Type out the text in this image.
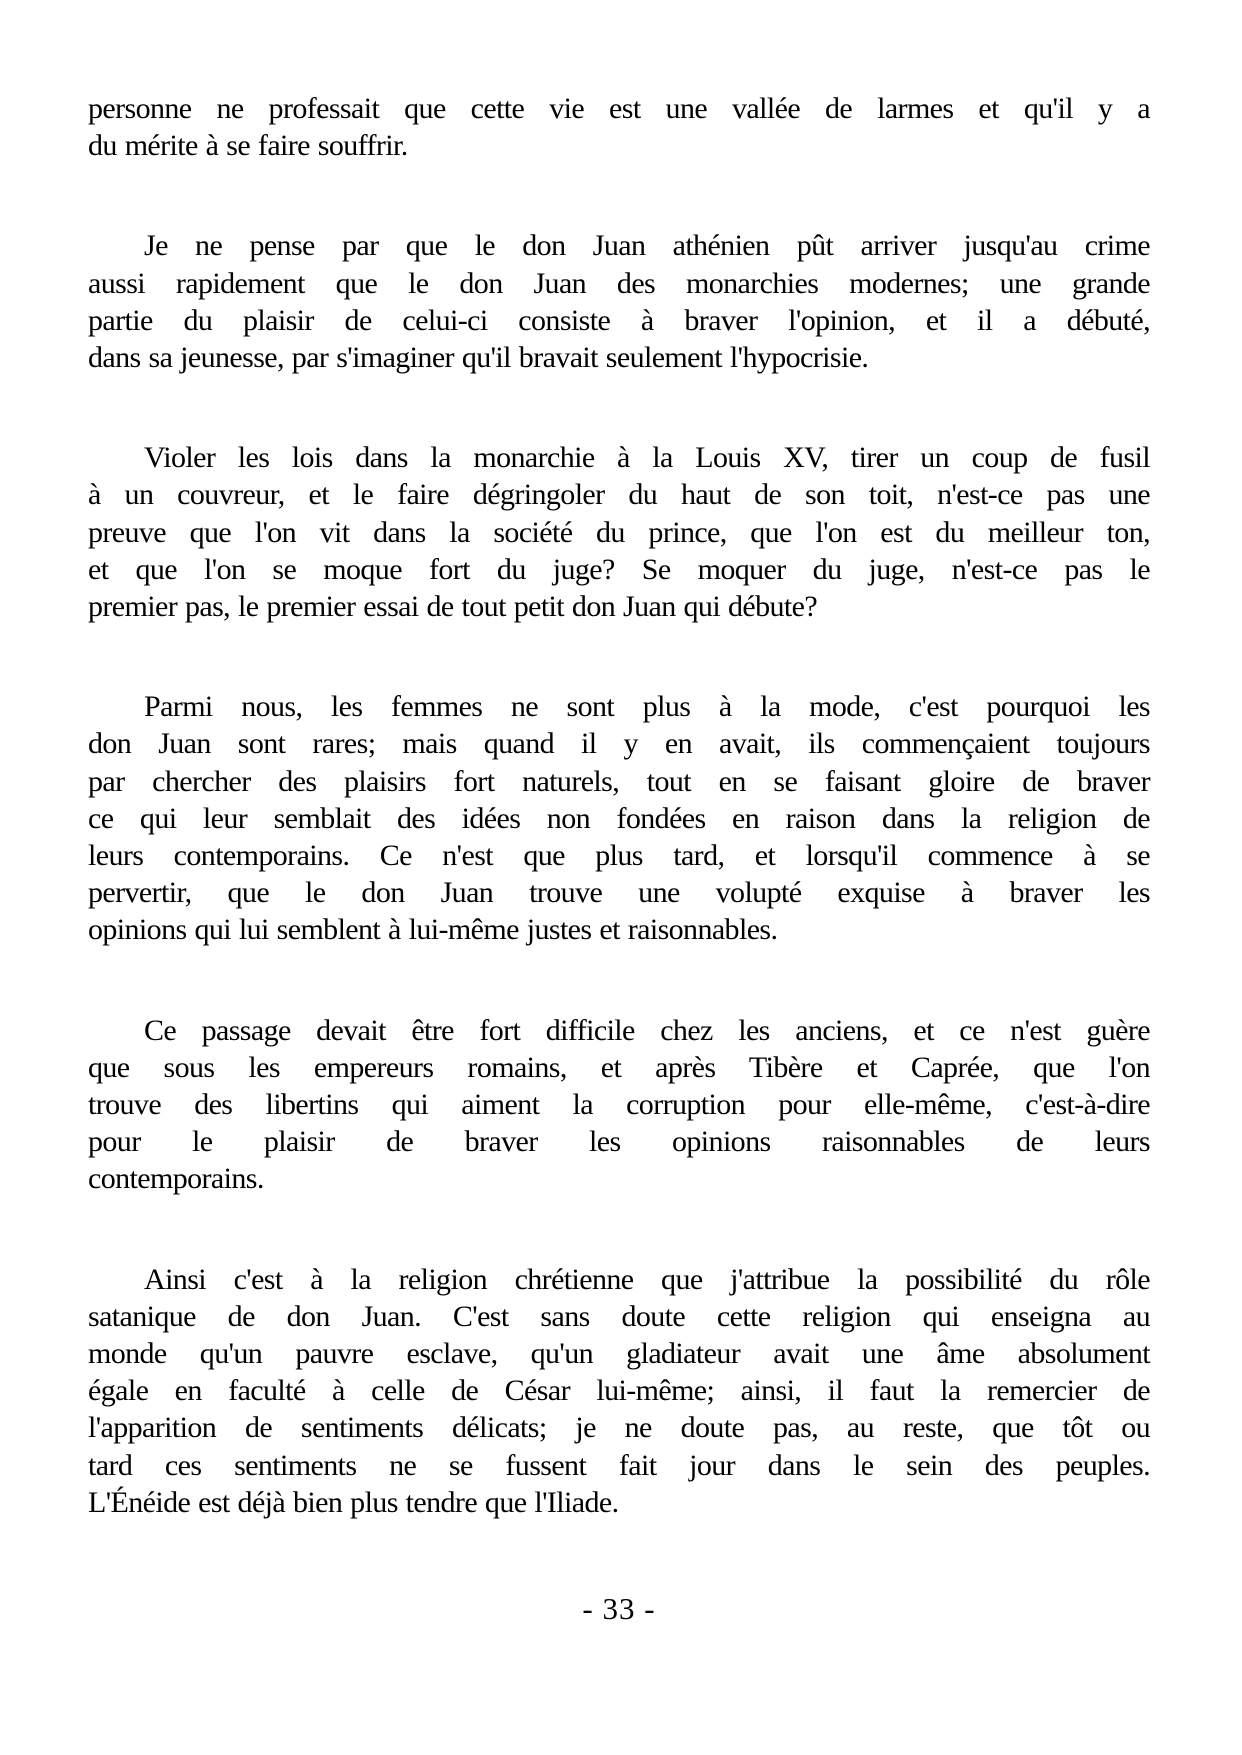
personne ne professait que cette vie est une vallée de larmes et qu'il y a
du mérite à se faire souffrir.
Je ne pense par que le don Juan athénien pût arriver jusqu'au crime
aussi rapidement que le don Juan des monarchies modernes; une grande
partie du plaisir de celui-ci consiste à braver l'opinion, et il a débuté,
dans sa jeunesse, par s'imaginer qu'il bravait seulement l'hypocrisie.
Violer les lois dans la monarchie à la Louis XV, tirer un coup de fusil
à un couvreur, et le faire dégringoler du haut de son toit, n'est-ce pas une
preuve que l'on vit dans la société du prince, que l'on est du meilleur ton,
et que l'on se moque fort du juge? Se moquer du juge, n'est-ce pas le
premier pas, le premier essai de tout petit don Juan qui débute?
Parmi nous, les femmes ne sont plus à la mode, c'est pourquoi les
don Juan sont rares; mais quand il y en avait, ils commençaient toujours
par chercher des plaisirs fort naturels, tout en se faisant gloire de braver
ce qui leur semblait des idées non fondées en raison dans la religion de
leurs contemporains. Ce n'est que plus tard, et lorsqu'il commence à se
pervertir, que le don Juan trouve une volupté exquise à braver les
opinions qui lui semblent à lui-même justes et raisonnables.
Ce passage devait être fort difficile chez les anciens, et ce n'est guère
que sous les empereurs romains, et après Tibère et Caprée, que l'on
trouve des libertins qui aiment la corruption pour elle-même, c'est-à-dire
pour le plaisir de braver les opinions raisonnables de leurs
contemporains.
Ainsi c'est à la religion chrétienne que j'attribue la possibilité du rôle
satanique de don Juan. C'est sans doute cette religion qui enseigna au
monde qu'un pauvre esclave, qu'un gladiateur avait une âme absolument
égale en faculté à celle de César lui-même; ainsi, il faut la remercier de
l'apparition de sentiments délicats; je ne doute pas, au reste, que tôt ou
tard ces sentiments ne se fussent fait jour dans le sein des peuples.
L'Énéide est déjà bien plus tendre que l'Iliade.
- 33 -
